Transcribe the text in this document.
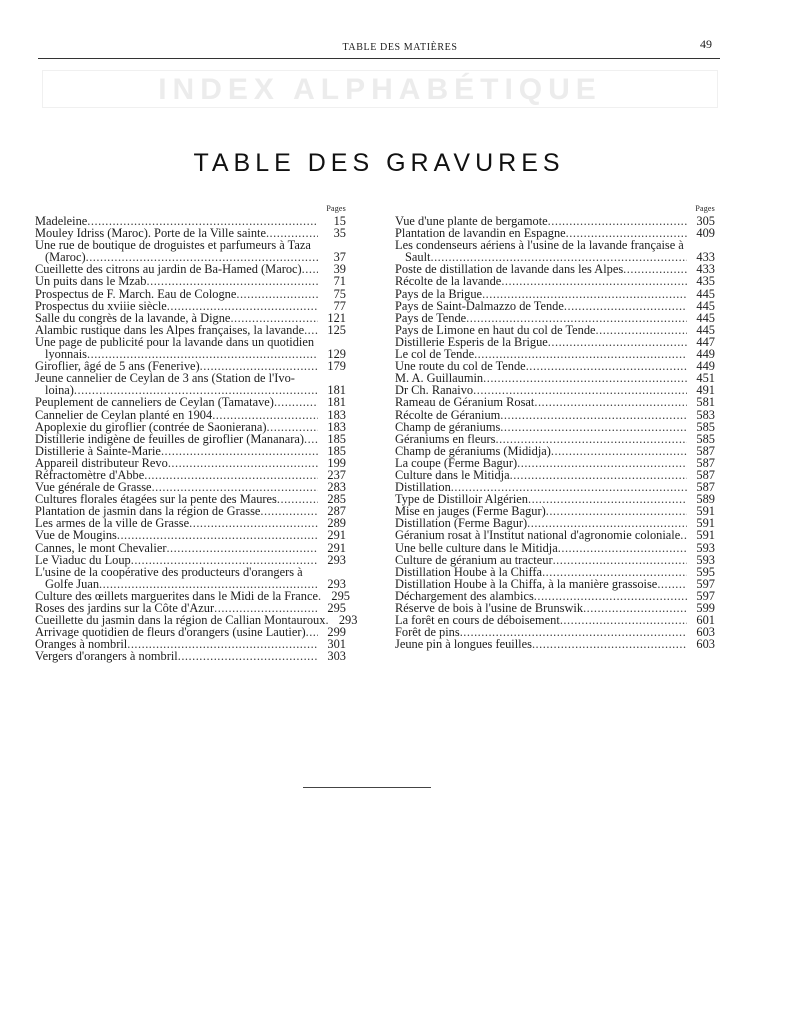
TABLE DES MATIÈRES	49
INDEX ALPHABÉTIQUE
TABLE DES GRAVURES
Pages
Madeleine . . .	15
Mouley Idriss (Maroc). Porte de la Ville sainte . . .	35
Une rue de boutique de droguistes et parfumeurs à Taza
(Maroc) . . .	37
Cueillette des citrons au jardin de Ba-Hamed (Maroc) . . .	39
Un puits dans le Mzab . . .	71
Prospectus de F. March. Eau de Cologne . . .	75
Prospectus du xviiie siècle . . .	77
Salle du congrès de la lavande, à Digne . . .	121
Alambic rustique dans les Alpes françaises, la lavande . . .	125
Une page de publicité pour la lavande dans un quotidien
lyonnais . . .	129
Giroflier, âgé de 5 ans (Fenerive) . . .	179
Jeune cannelier de Ceylan de 3 ans (Station de l'Ivo-
loina) . . .	181
Peuplement de canneliers de Ceylan (Tamatave) . . .	181
Cannelier de Ceylan planté en 1904 . . .	183
Apoplexie du giroflier (contrée de Saonierana) . . .	183
Distillerie indigène de feuilles de giroflier (Mananara) . . .	185
Distillerie à Sainte-Marie . . .	185
Appareil distributeur Revo . . .	199
Réfractomètre d'Abbe . . .	237
Vue générale de Grasse . . .	283
Cultures florales étagées sur la pente des Maures . . .	285
Plantation de jasmin dans la région de Grasse . . .	287
Les armes de la ville de Grasse . . .	289
Vue de Mougins . . .	291
Cannes, le mont Chevalier . . .	291
Le Viaduc du Loup . . .	293
L'usine de la coopérative des producteurs d'orangers à
Golfe Juan . . .	293
Culture des œillets marguerites dans le Midi de la France . . .	295
Roses des jardins sur la Côte d'Azur . . .	295
Cueillette du jasmin dans la région de Callian Montauroux . . .	293
Arrivage quotidien de fleurs d'orangers (usine Lautier) . . .	299
Oranges à nombril . . .	301
Vergers d'orangers à nombril . . .	303
Pages
Vue d'une plante de bergamote . . .	305
Plantation de lavandin en Espagne . . .	409
Les condenseurs aériens à l'usine de la lavande française à
Sault . . .	433
Poste de distillation de lavande dans les Alpes . . .	433
Récolte de la lavande . . .	435
Pays de la Brigue . . .	445
Pays de Saint-Dalmazzo de Tende . . .	445
Pays de Tende . . .	445
Pays de Limone en haut du col de Tende . . .	445
Distillerie Esperis de la Brigue . . .	447
Le col de Tende . . .	449
Une route du col de Tende . . .	449
M. A. Guillaumin . . .	451
Dr Ch. Ranaivo . . .	491
Rameau de Géranium Rosat . . .	581
Récolte de Géranium . . .	583
Champ de géraniums . . .	585
Géraniums en fleurs . . .	585
Champ de géraniums (Mididja) . . .	587
La coupe (Ferme Bagur) . . .	587
Culture dans le Mitidja . . .	587
Distillation . . .	587
Type de Distilloir Algérien . . .	589
Mise en jauges (Ferme Bagur) . . .	591
Distillation (Ferme Bagur) . . .	591
Géranium rosat à l'Institut national d'agronomie coloniale . . .	591
Une belle culture dans le Mitidja . . .	593
Culture de géranium au tracteur . . .	593
Distillation Hoube à la Chiffa . . .	595
Distillation Hoube à la Chiffa, à la manière grassoise . . .	597
Déchargement des alambics . . .	597
Réserve de bois à l'usine de Brunswik . . .	599
La forêt en cours de déboisement . . .	601
Forêt de pins . . .	603
Jeune pin à longues feuilles . . .	603
